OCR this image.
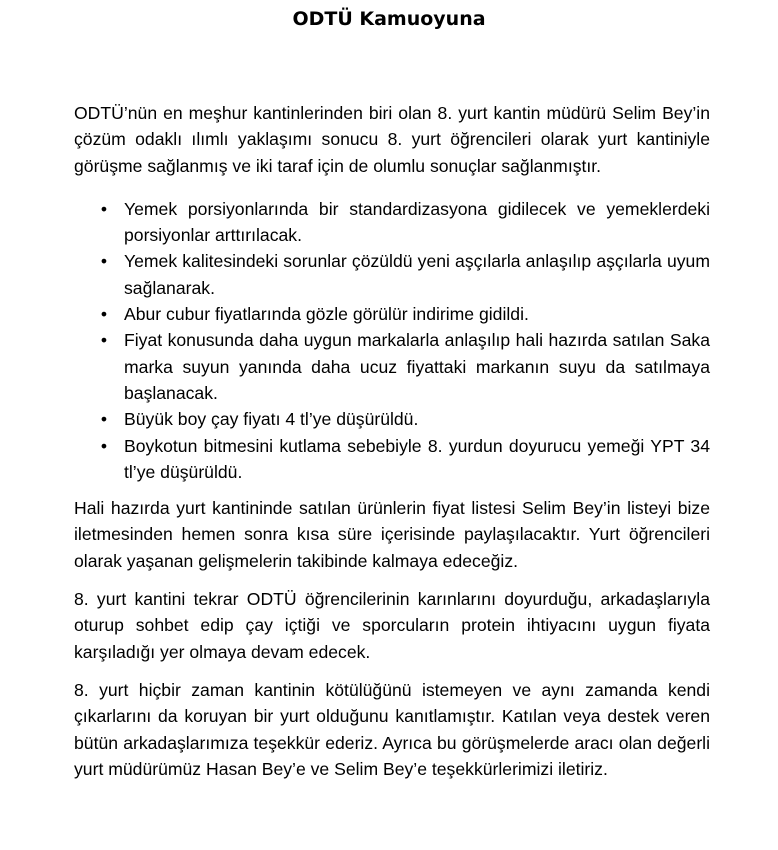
ODTÜ Kamuoyuna

ODTÜ’nün en meşhur kantinlerinden biri olan 8. yurt kantin müdürü Selim Bey’in çözüm odaklı ılımlı yaklaşımı sonucu 8. yurt öğrencileri olarak yurt kantiniyle görüşme sağlanmış ve iki taraf için de olumlu sonuçlar sağlanmıştır.

• Yemek porsiyonlarında bir standardizasyona gidilecek ve yemeklerdeki porsiyonlar arttırılacak.
• Yemek kalitesindeki sorunlar çözüldü yeni aşçılarla anlaşılıp aşçılarla uyum sağlanarak.
• Abur cubur fiyatlarında gözle görülür indirime gidildi.
• Fiyat konusunda daha uygun markalarla anlaşılıp hali hazırda satılan Saka marka suyun yanında daha ucuz fiyattaki markanın suyu da satılmaya başlanacak.
• Büyük boy çay fiyatı 4 tl’ye düşürüldü.
• Boykotun bitmesini kutlama sebebiyle 8. yurdun doyurucu yemeği YPT 34 tl’ye düşürüldü.

Hali hazırda yurt kantininde satılan ürünlerin fiyat listesi Selim Bey’in listeyi bize iletmesinden hemen sonra kısa süre içerisinde paylaşılacaktır. Yurt öğrencileri olarak yaşanan gelişmelerin takibinde kalmaya edeceğiz.

8. yurt kantini tekrar ODTÜ öğrencilerinin karınlarını doyurduğu, arkadaşlarıyla oturup sohbet edip çay içtiği ve sporcuların protein ihtiyacını uygun fiyata karşıladığı yer olmaya devam edecek.

8. yurt hiçbir zaman kantinin kötülüğünü istemeyen ve aynı zamanda kendi çıkarlarını da koruyan bir yurt olduğunu kanıtlamıştır. Katılan veya destek veren bütün arkadaşlarımıza teşekkür ederiz. Ayrıca bu görüşmelerde aracı olan değerli yurt müdürümüz Hasan Bey’e ve Selim Bey’e teşekkürlerimizi iletiriz.
